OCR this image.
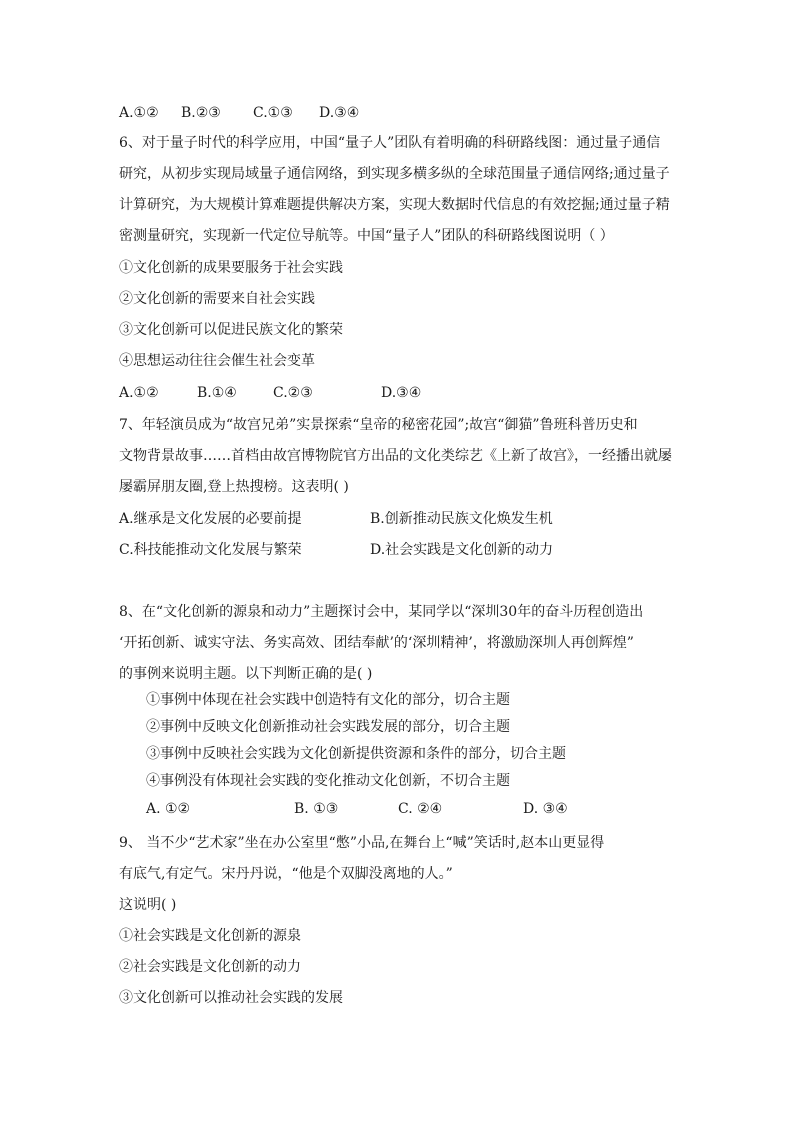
A.①② B.②③ C.①③ D.③④
6、对于量子时代的科学应用，中国“量子人”团队有着明确的科研路线图：通过量子通信
研究，从初步实现局域量子通信网络，到实现多横多纵的全球范围量子通信网络;通过量子
计算研究，为大规模计算难题提供解决方案，实现大数据时代信息的有效挖掘;通过量子精
密测量研究，实现新一代定位导航等。中国“量子人”团队的科研路线图说明（ ）
①文化创新的成果要服务于社会实践
②文化创新的需要来自社会实践
③文化创新可以促进民族文化的繁荣
④思想运动往往会催生社会变革
A.①②	B.①④	C.②③	D.③④
7、年轻演员成为“故宫兄弟”实景探索“皇帝的秘密花园”;故宫“御猫”鲁班科普历史和
文物背景故事……首档由故宫博物院官方出品的文化类综艺《上新了故宫》，一经播出就屡
屡霸屏朋友圈,登上热搜榜。这表明( )
A.继承是文化发展的必要前提	B.创新推动民族文化焕发生机
C.科技能推动文化发展与繁荣	D.社会实践是文化创新的动力
8、在“文化创新的源泉和动力”主题探讨会中，某同学以“深圳30年的奋斗历程创造出
‘开拓创新、诚实守法、务实高效、团结奉献’的‘深圳精神’，将激励深圳人再创辉煌”
的事例来说明主题。以下判断正确的是( )
①事例中体现在社会实践中创造特有文化的部分，切合主题
②事例中反映文化创新推动社会实践发展的部分，切合主题
③事例中反映社会实践为文化创新提供资源和条件的部分，切合主题
④事例没有体现社会实践的变化推动文化创新，不切合主题
A. ①②	B. ①③	C. ②④	D. ③④
9、 当不少“艺术家”坐在办公室里“憋”小品,在舞台上“喊”笑话时,赵本山更显得
有底气,有定气。宋丹丹说，“他是个双脚没离地的人。”
这说明( )
①社会实践是文化创新的源泉
②社会实践是文化创新的动力
③文化创新可以推动社会实践的发展
